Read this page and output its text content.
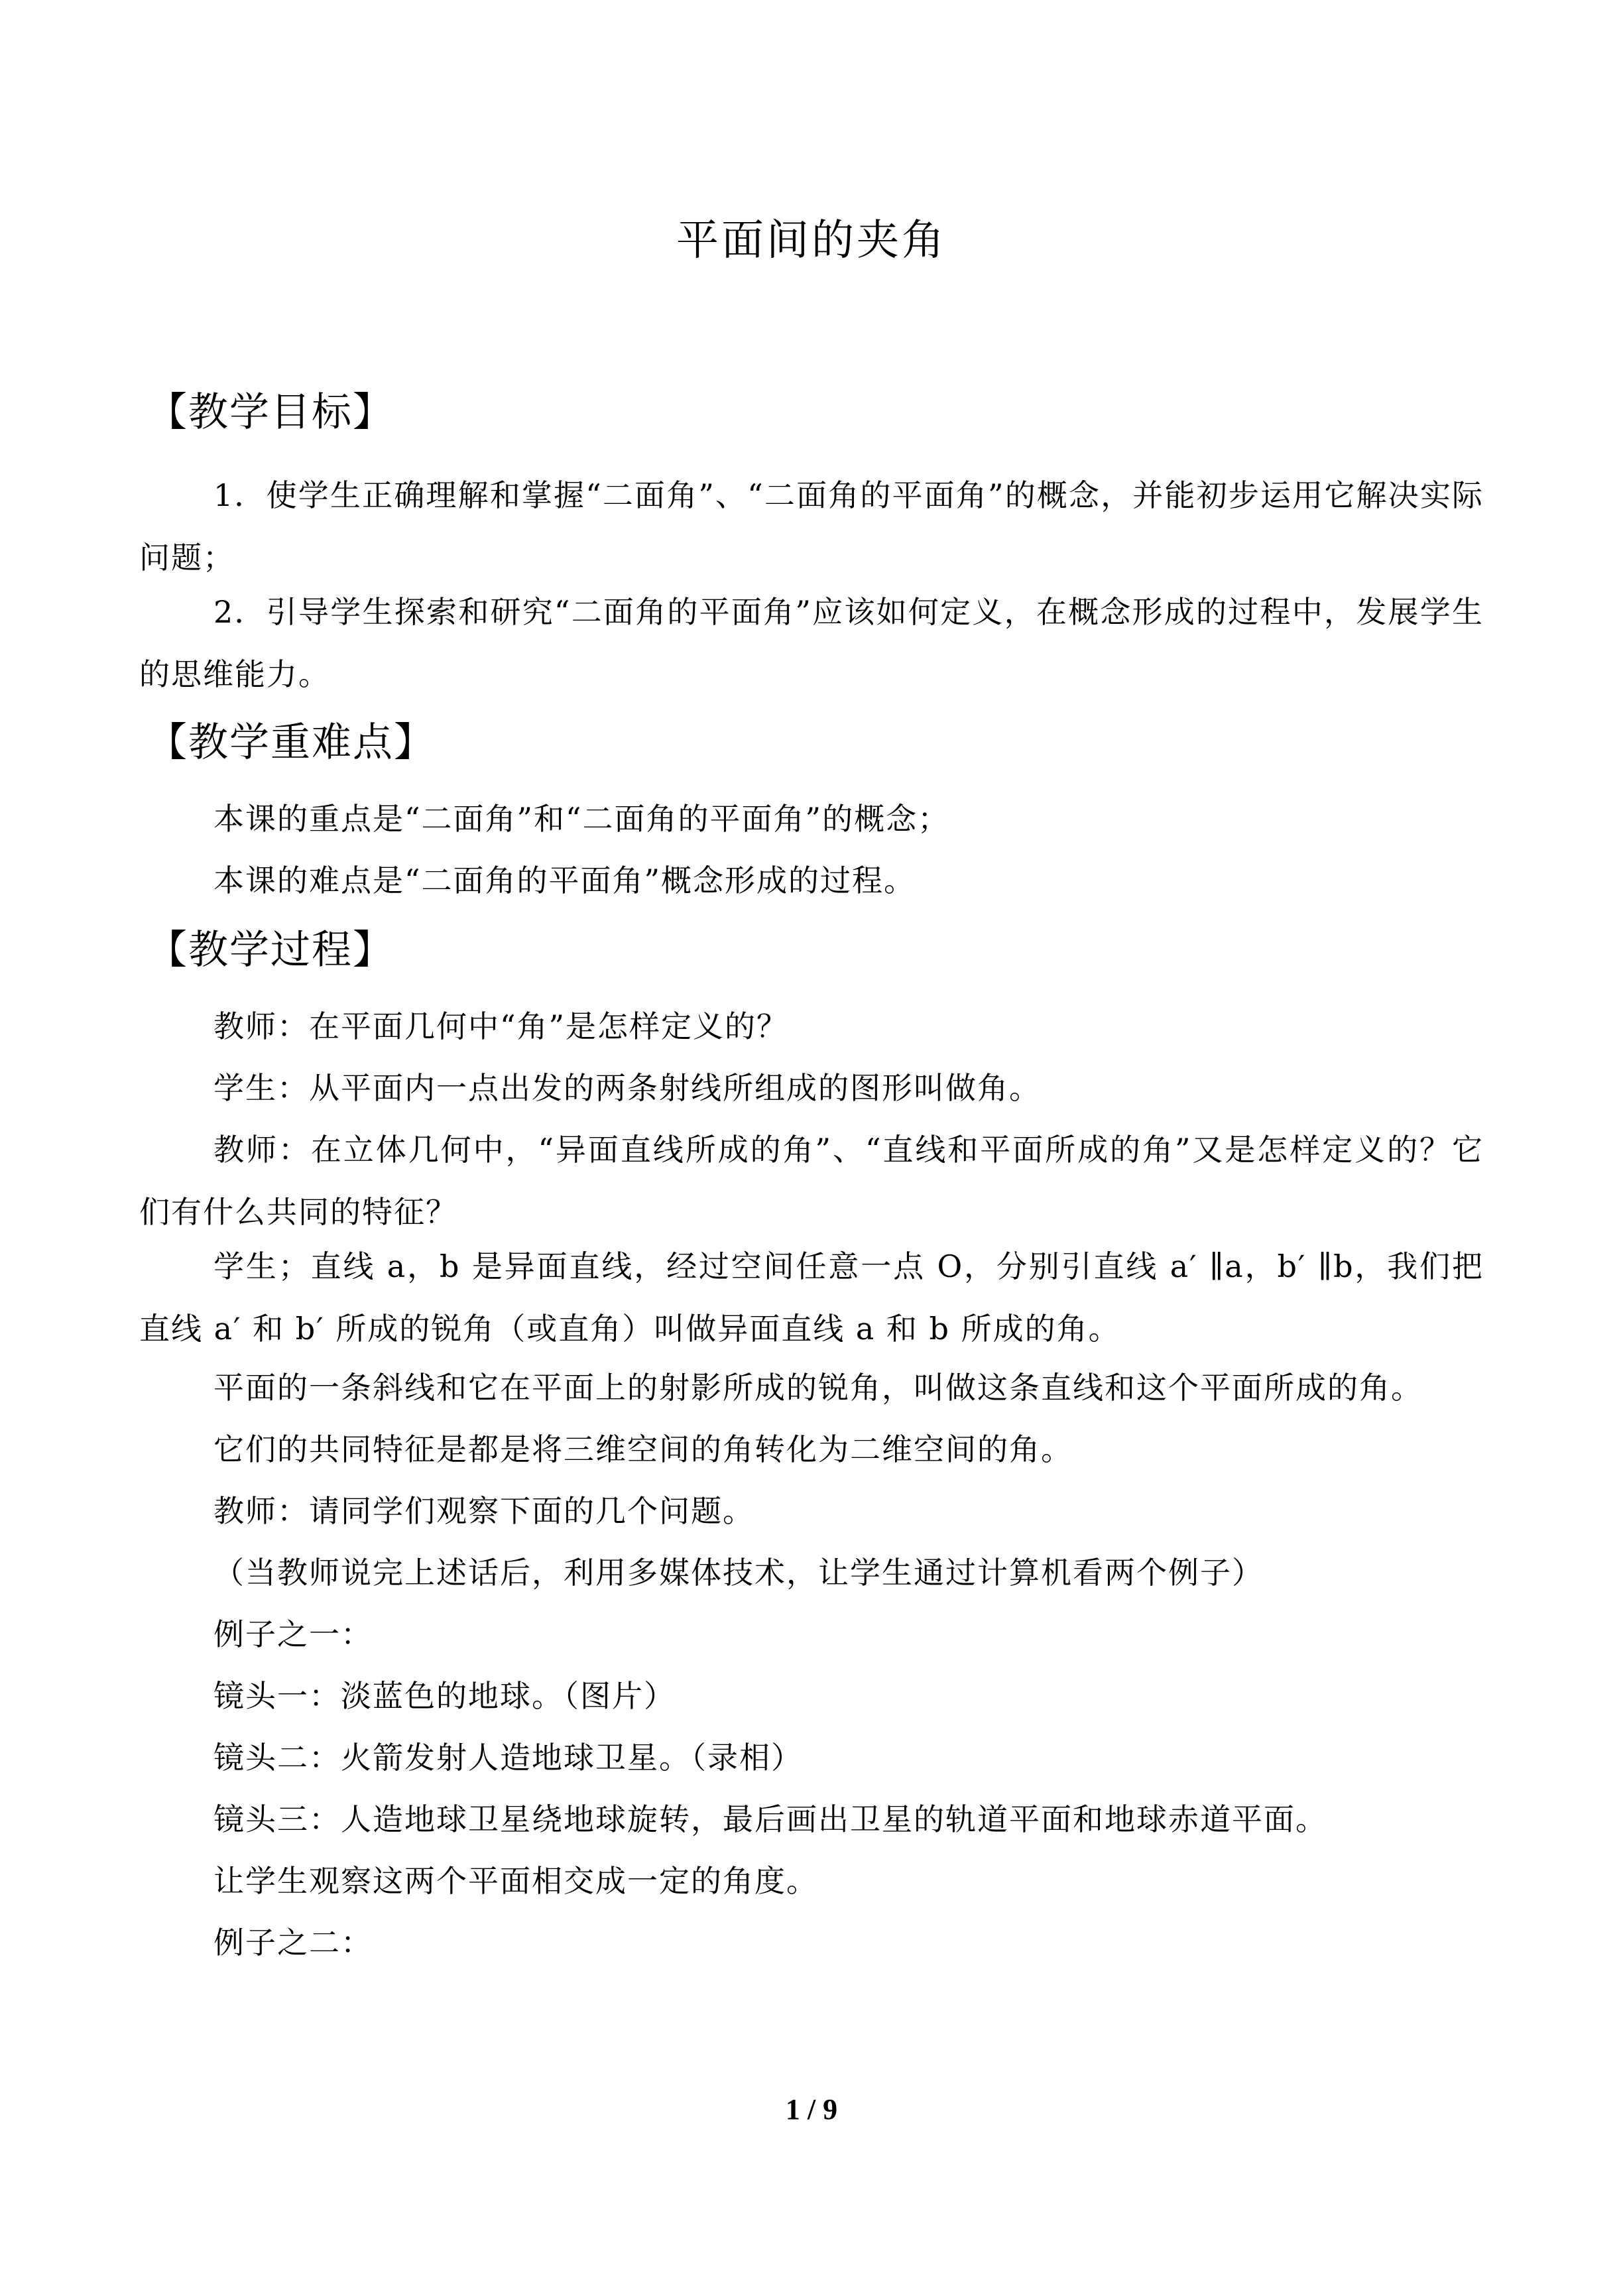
平面间的夹角
【教学目标】

1．使学生正确理解和掌握“二面角”、“二面角的平面角”的概念，并能初步运用它解决实际问题；

2．引导学生探索和研究“二面角的平面角”应该如何定义，在概念形成的过程中，发展学生的思维能力。

【教学重难点】
本课的重点是“二面角”和“二面角的平面角”的概念；
本课的难点是“二面角的平面角”概念形成的过程。
【教学过程】
教师：在平面几何中“角”是怎样定义的？
学生：从平面内一点出发的两条射线所组成的图形叫做角。

教师：在立体几何中，“异面直线所成的角”、“直线和平面所成的角”又是怎样定义的？它们有什么共同的特征？

学生；直线 a，b 是异面直线，经过空间任意一点 O，分别引直线 a′ ∥a，b′ ∥b，我们把直线 a′ 和 b′ 所成的锐角（或直角）叫做异面直线 a 和 b 所成的角。

平面的一条斜线和它在平面上的射影所成的锐角，叫做这条直线和这个平面所成的角。
它们的共同特征是都是将三维空间的角转化为二维空间的角。
教师：请同学们观察下面的几个问题。
（当教师说完上述话后，利用多媒体技术，让学生通过计算机看两个例子）
例子之一：
镜头一：淡蓝色的地球。（图片）
镜头二：火箭发射人造地球卫星。（录相）
镜头三：人造地球卫星绕地球旋转，最后画出卫星的轨道平面和地球赤道平面。
让学生观察这两个平面相交成一定的角度。
例子之二：
1 / 9
